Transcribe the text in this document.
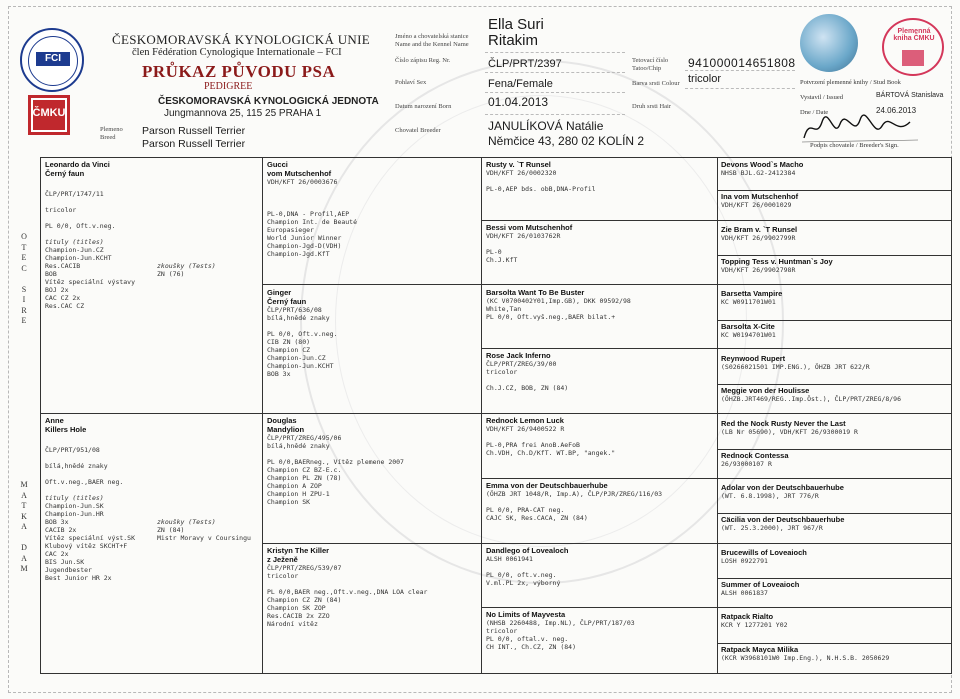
FCI
ČMKU
ČESKOMORAVSKÁ KYNOLOGICKÁ UNIE
člen Fédération Cynologique Internationale – FCI
PRŮKAZ PŮVODU PSA
PEDIGREE
ČESKOMORAVSKÁ KYNOLOGICKÁ JEDNOTA
Jungmannova 25, 115 25 PRAHA 1
Plemeno Breed	Parson Russell Terrier
Parson Russell Terrier
Jméno a chovatelská stanice Name and the Kennel Name
Číslo zápisu Reg. Nr.
Pohlaví Sex
Datum narození Born
Chovatel Breeder
Ella Suri
Ritakim
ČLP/PRT/2397
Fena/Female
01.04.2013
JANULÍKOVÁ Natálie
Němčice 43, 280 02 KOLÍN 2
Tetovací číslo Tatoo/Chip
Barva srsti Colour
Druh srsti Hair
941000014651808
tricolor
Plemenná kniha ČMKU
Potvrzení plemenné knihy / Stud Book
Vystavil / Issued	BÁRTOVÁ Stanislava
Dne / Date	24.06.2013
Podpis chovatele / Breeder's Sign.
O
T
E
C

S
I
R
E
M
A
T
K
A

D
A
M
Leonardo da Vinci
Černý faun
ČLP/PRT/1747/11

tricolor

PL 0/0, Oft.v.neg.

tituly (titles)
Champion-Jun.CZ
Champion-Jun.KCHT
Res.CACIB
BOB
Vítěz speciální výstavy
BOJ 2x
CAC CZ 2x
Res.CAC CZ
zkoušky (Tests)
ZN (76)
Anne
Killers Hole
ČLP/PRT/951/08

bílá,hnědé znaky

Oft.v.neg.,BAER neg.

tituly (titles)
Champion-Jun.SK
Champion-Jun.HR
BOB 3x
CACIB 2x
Vítěz speciální výst.SK
Klubový vítěz SKCHT+F
CAC 2x
BIS Jun.SK
Jugendbester
Best Junior HR 2x
zkoušky (Tests)
ZN (84)
Mistr Moravy v Coursingu
Gucci
vom Mutschenhof
VDH/KFT 26/0003676

PL-0,DNA - Profil,AEP
Champion Int. de Beauté
Europasieger
World Junior Winner
Champion-Jgd-D(VDH)
Champion-Jgd.KfT
Ginger
Černý faun
ČLP/PRT/636/08
bílá,hnědé znaky

PL 0/0, Oft.v.neg.
CIB ZN (80)
Champion CZ
Champion-Jun.CZ
Champion-Jun.KCHT
BOB 3x
Douglas
Mandylion
ČLP/PRT/ZREG/495/06
bílá,hnědé znaky

PL 0/0,BAERneg., Vítěz plemene 2007
Champion CZ BZ-E.c.
Champion PL ZN (78)
Champion A ZOP
Champion H ZPU-1
Champion SK
Kristyn The Killer
z Ježeně
ČLP/PRT/ZREG/539/07
tricolor

PL 0/0,BAER neg.,Oft.v.neg.,DNA LOA clear
Champion CZ ZN (84)
Champion SK ZOP
Res.CACIB 2x ZZO
Národní vítěz
Rusty v. `T Runsel
VDH/KFT 26/0002320

PL-0,AEP bds. obB,DNA-Profil
Bessi vom Mutschenhof
VDH/KFT 26/0103762R

PL-0
Ch.J.KfT
Barsolta Want To Be Buster
(KC V0700402Y01,Imp.GB), DKK 09592/98
White,Tan
PL 0/0, Oft.vyš.neg.,BAER bilat.+
Rose Jack Inferno
ČLP/PRT/ZREG/39/00
tricolor

Ch.J.CZ, BOB, ZN (84)
Rednock Lemon Luck
VDH/KFT 26/9400522 R

PL-0,PRA frei AnoB.AeFoB
Ch.VDH, Ch.D/KfT. WT.BP, "angek."
Emma von der Deutschbauerhube
(ÖHZB JRT 1048/R, Imp.A), ČLP/PJR/ZREG/116/03

PL 0/0, PRA-CAT neg.
CAJC SK, Res.CACA, ZN (84)
Dandlego of Lovealoch
ALSH 0061941

PL 0/0, oft.v.neg.
V.ml.PL 2x, výborný
No Limits of Mayvesta
(NHSB 2260488, Imp.NL), ČLP/PRT/187/03
tricolor
PL 0/0, oftal.v. neg.
CH INT., Ch.CZ, ZN (84)
Devons Wood`s Macho
NHSB BJL.G2-2412384
Ina vom Mutschenhof
VDH/KFT 26/0001029
Zie Bram v. `T Runsel
VDH/KFT 26/9902799R
Topping Tess v. Huntman`s Joy
VDH/KFT 26/9902798R
Barsetta Vampire
KC W0911701W01
Barsolta X-Cite
KC W0194701W01
Reynwood Rupert
(S0266021501 IMP.ENG.), ÖHZB JRT 622/R
Meggie von der Houlisse
(ÖHZB.JRT469/REG..Imp.Öst.), ČLP/PRT/ZREG/8/96
Red the Nock Rusty Never the Last
(LB Nr 05690), VDH/KFT 26/9300019 R
Rednock Contessa
26/93000107 R
Adolar von der Deutschbauerhube
(WT. 6.8.1998), JRT 776/R
Cäcilia von der Deutschbauerhube
(WT. 25.3.2000), JRT 967/R
Brucewills of Loveaioch
LOSH 0922791
Summer of Loveaioch
ALSH 0061837
Ratpack Rialto
KCR Y 1277201 Y02
Ratpack Mayca Milika
(KCR W3968101W0 Imp.Eng.), N.H.S.B. 2050629
